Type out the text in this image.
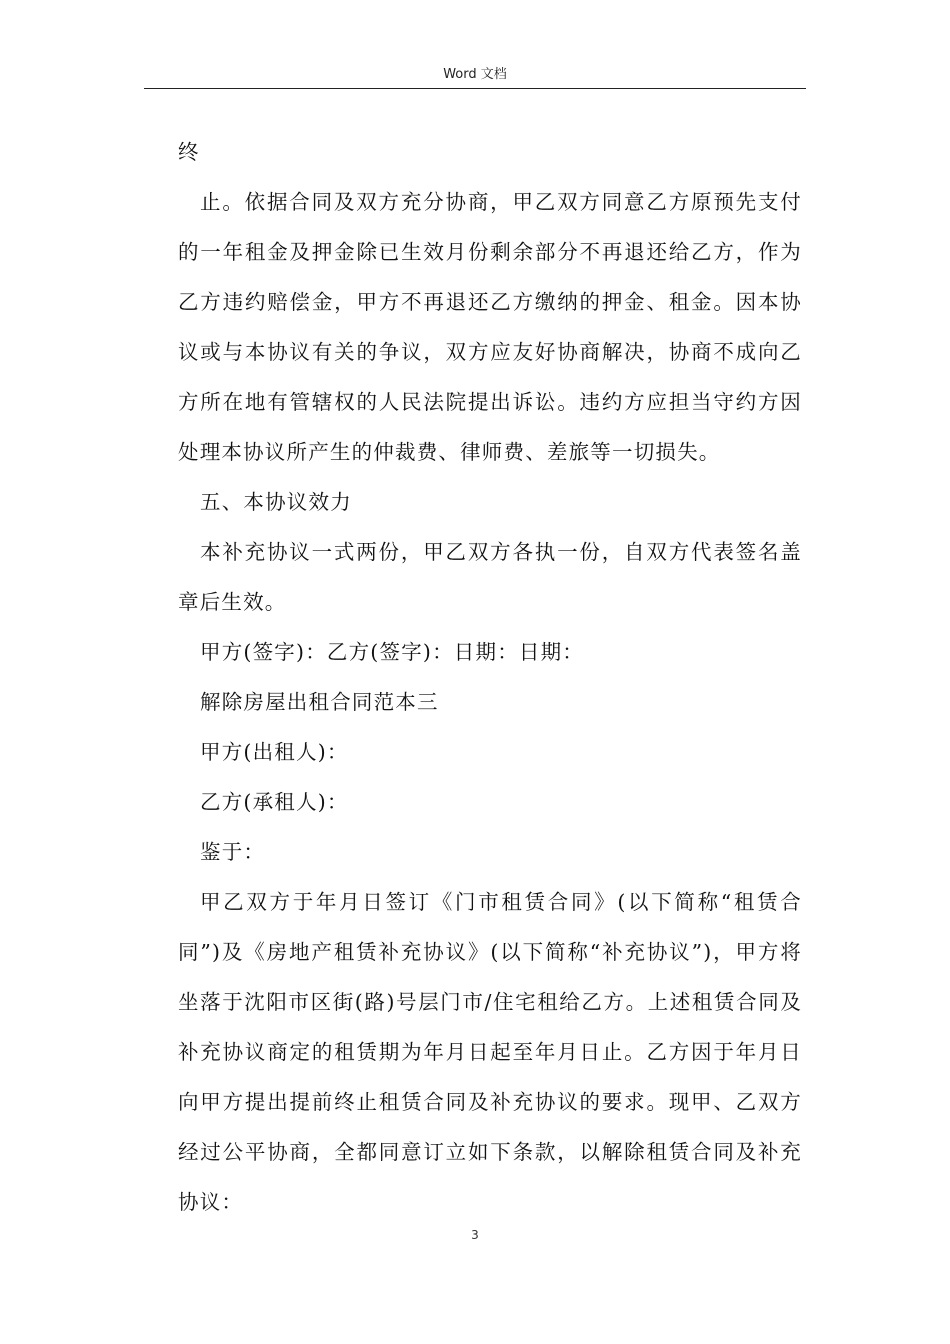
Word 文档

终

止。依据合同及双方充分协商，甲乙双方同意乙方原预先支付的一年租金及押金除已生效月份剩余部分不再退还给乙方，作为乙方违约赔偿金，甲方不再退还乙方缴纳的押金、租金。因本协议或与本协议有关的争议，双方应友好协商解决，协商不成向乙方所在地有管辖权的人民法院提出诉讼。违约方应担当守约方因处理本协议所产生的仲裁费、律师费、差旅等一切损失。

五、本协议效力

本补充协议一式两份，甲乙双方各执一份，自双方代表签名盖章后生效。

甲方(签字)：乙方(签字)：日期：日期：

解除房屋出租合同范本三

甲方(出租人)：

乙方(承租人)：

鉴于：

甲乙双方于年月日签订《门市租赁合同》(以下简称“租赁合同”)及《房地产租赁补充协议》(以下简称“补充协议”)，甲方将坐落于沈阳市区街(路)号层门市/住宅租给乙方。上述租赁合同及补充协议商定的租赁期为年月日起至年月日止。乙方因于年月日向甲方提出提前终止租赁合同及补充协议的要求。现甲、乙双方经过公平协商，全都同意订立如下条款，以解除租赁合同及补充协议：

3
